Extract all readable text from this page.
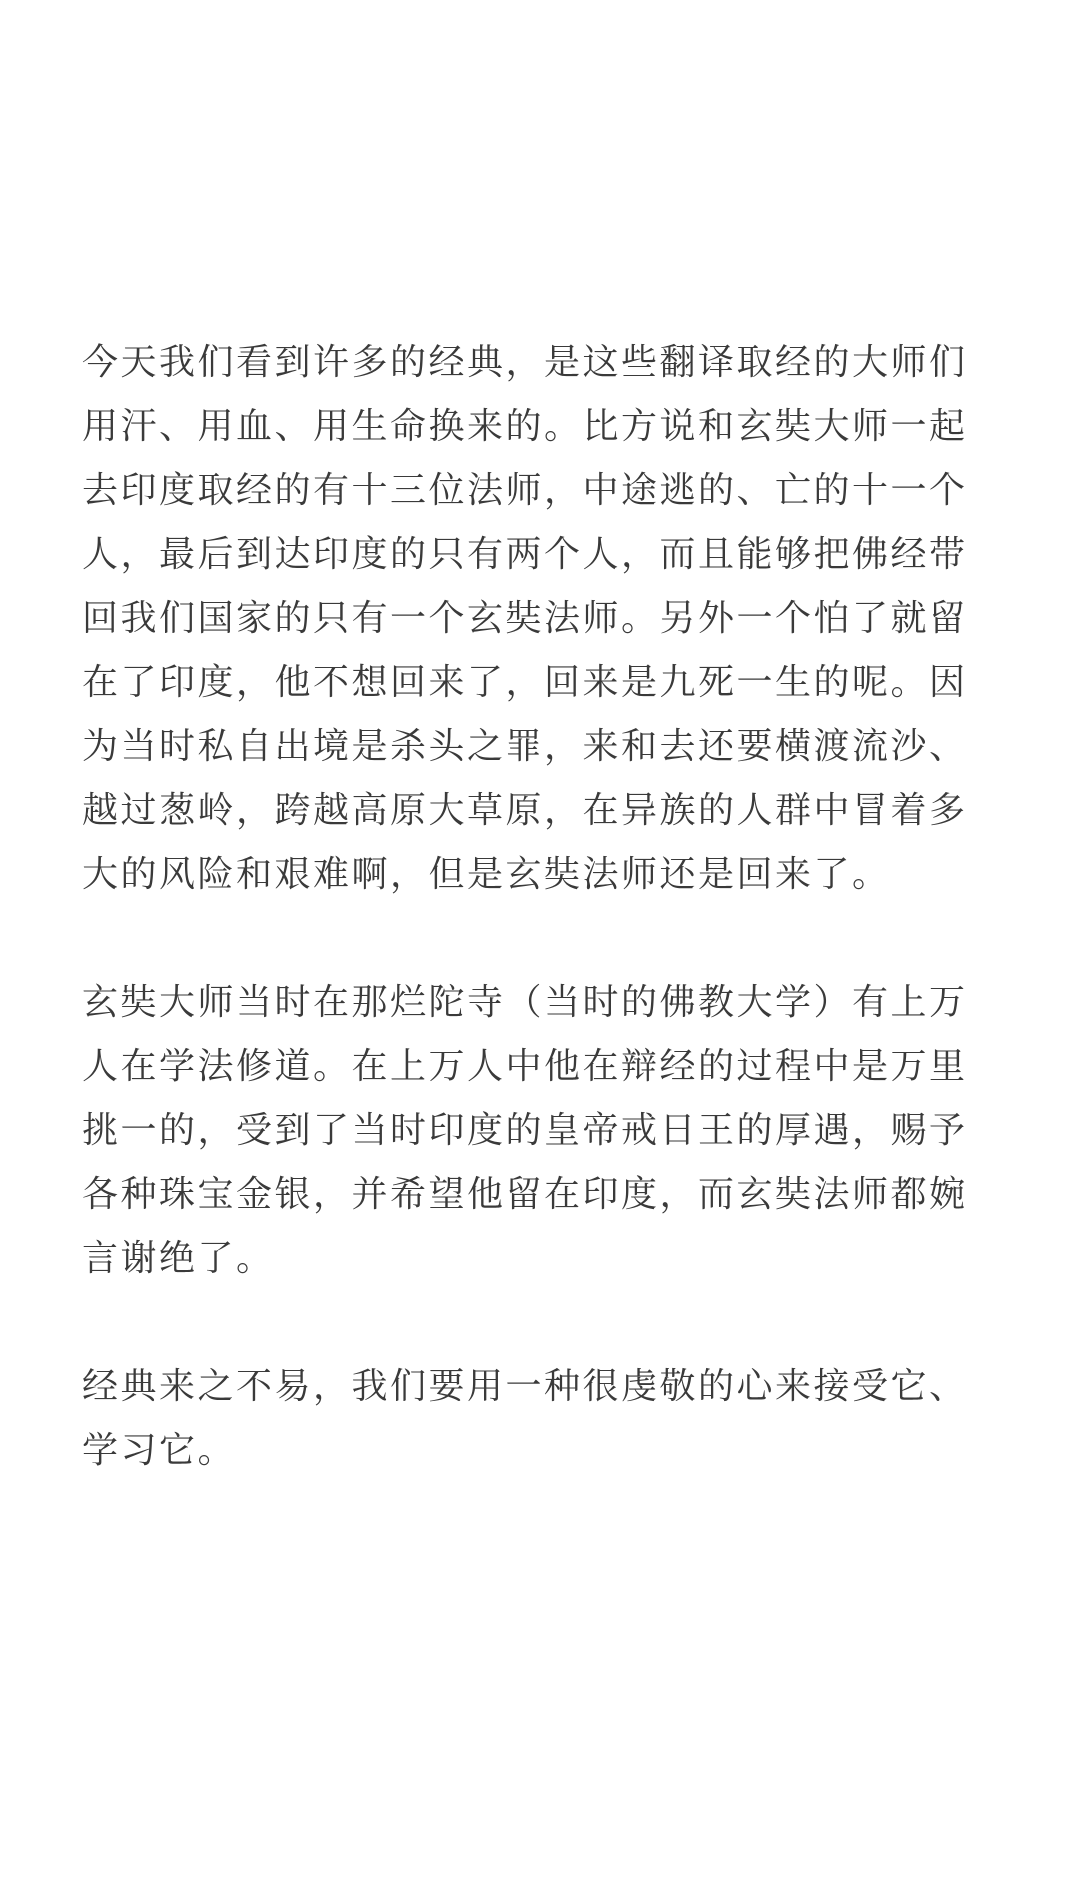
今天我们看到许多的经典，是这些翻译取经的大师们
用汗、用血、用生命换来的。比方说和玄奘大师一起
去印度取经的有十三位法师，中途逃的、亡的十一个
人，最后到达印度的只有两个人，而且能够把佛经带
回我们国家的只有一个玄奘法师。另外一个怕了就留
在了印度，他不想回来了，回来是九死一生的呢。因
为当时私自出境是杀头之罪，来和去还要横渡流沙、
越过葱岭，跨越高原大草原，在异族的人群中冒着多
大的风险和艰难啊，但是玄奘法师还是回来了。
玄奘大师当时在那烂陀寺（当时的佛教大学）有上万
人在学法修道。在上万人中他在辩经的过程中是万里
挑一的，受到了当时印度的皇帝戒日王的厚遇，赐予
各种珠宝金银，并希望他留在印度，而玄奘法师都婉
言谢绝了。
经典来之不易，我们要用一种很虔敬的心来接受它、
学习它。
